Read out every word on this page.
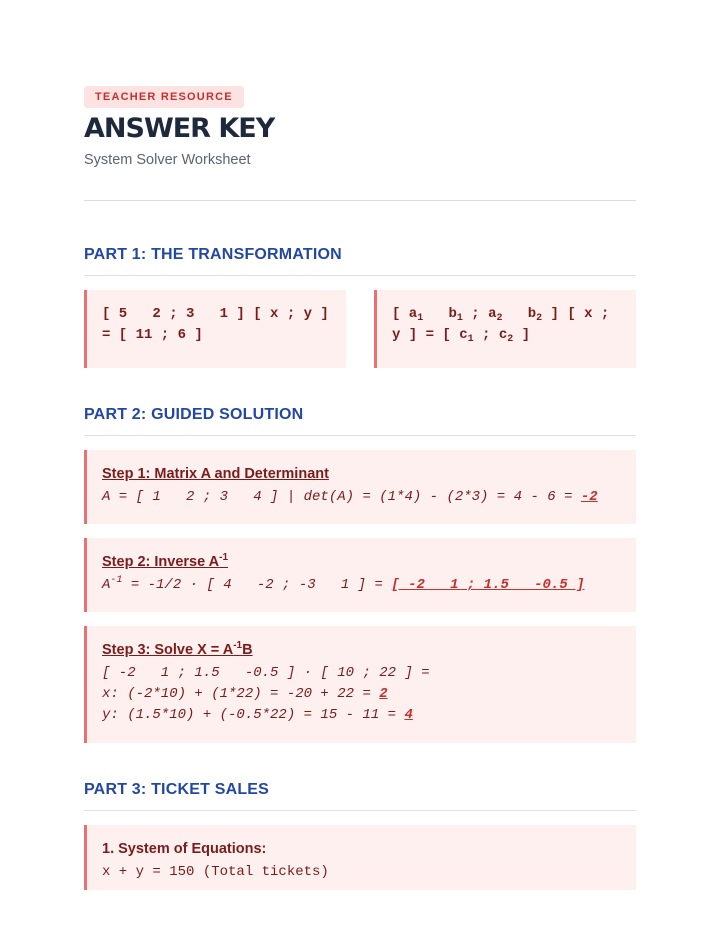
TEACHER RESOURCE
ANSWER KEY
System Solver Worksheet
PART 1: THE TRANSFORMATION
[ 5   2 ; 3   1 ] [ x ; y ]
= [ 11 ; 6 ]
[ $a_1$   $b_1$ ; $a_2$   $b_2$ ] [ x ;
y ] = [ $c_1$ ; $c_2$ ]
PART 2: GUIDED SOLUTION
Step 1: Matrix A and Determinant
A = [ 1   2 ; 3   4 ] | det(A) = (1*4) - (2*3) = 4 - 6 = -2
Step 2: Inverse $A^{-1}$
$A^{-1} = -1/2$ · [ 4   -2 ; -3   1 ] = [ -2   1 ; 1.5   -0.5 ]
Step 3: Solve $X = A^{-1}B$
[ -2   1 ; 1.5   -0.5 ] · [ 10 ; 22 ] =
x: (-2*10) + (1*22) = -20 + 22 = 2
y: (1.5*10) + (-0.5*22) = 15 - 11 = 4
PART 3: TICKET SALES
1. System of Equations:
x + y = 150 (Total tickets)
